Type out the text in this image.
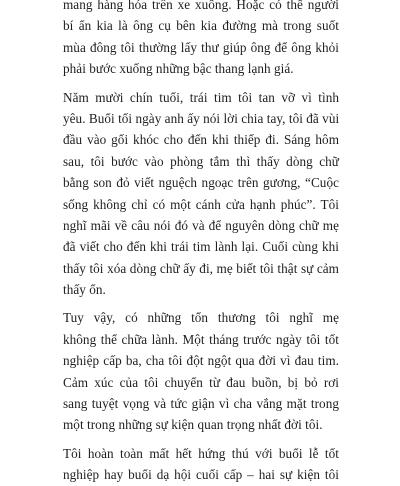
mang hàng hóa trên xe xuống. Hoặc có thể người
bí ẩn kia là ông cụ bên kia đường mà trong suốt
mùa đông tôi thường lấy thư giúp ông để ông khỏi
phải bước xuống những bậc thang lạnh giá.
Năm mười chín tuổi, trái tim tôi tan vỡ vì tình
yêu. Buổi tối ngày anh ấy nói lời chia tay, tôi đã vùi
đầu vào gối khóc cho đến khi thiếp đi. Sáng hôm
sau, tôi bước vào phòng tắm thì thấy dòng chữ
bằng son đỏ viết nguệch ngoạc trên gương, “Cuộc
sống không chỉ có một cánh cửa hạnh phúc”. Tôi
nghĩ mãi về câu nói đó và để nguyên dòng chữ mẹ
đã viết cho đến khi trái tim lành lại. Cuối cùng khi
thấy tôi xóa dòng chữ ấy đi, mẹ biết tôi thật sự cảm
thấy ổn.
Tuy vậy, có những tổn thương tôi nghĩ mẹ
không thể chữa lành. Một tháng trước ngày tôi tốt
nghiệp cấp ba, cha tôi đột ngột qua đời vì đau tim.
Cảm xúc của tôi chuyển từ đau buồn, bị bỏ rơi
sang tuyệt vọng và tức giận vì cha vắng mặt trong
một trong những sự kiện quan trọng nhất đời tôi.
Tôi hoàn toàn mất hết hứng thú với buổi lễ tốt
nghiệp hay buổi dạ hội cuối cấp – hai sự kiện tôi
